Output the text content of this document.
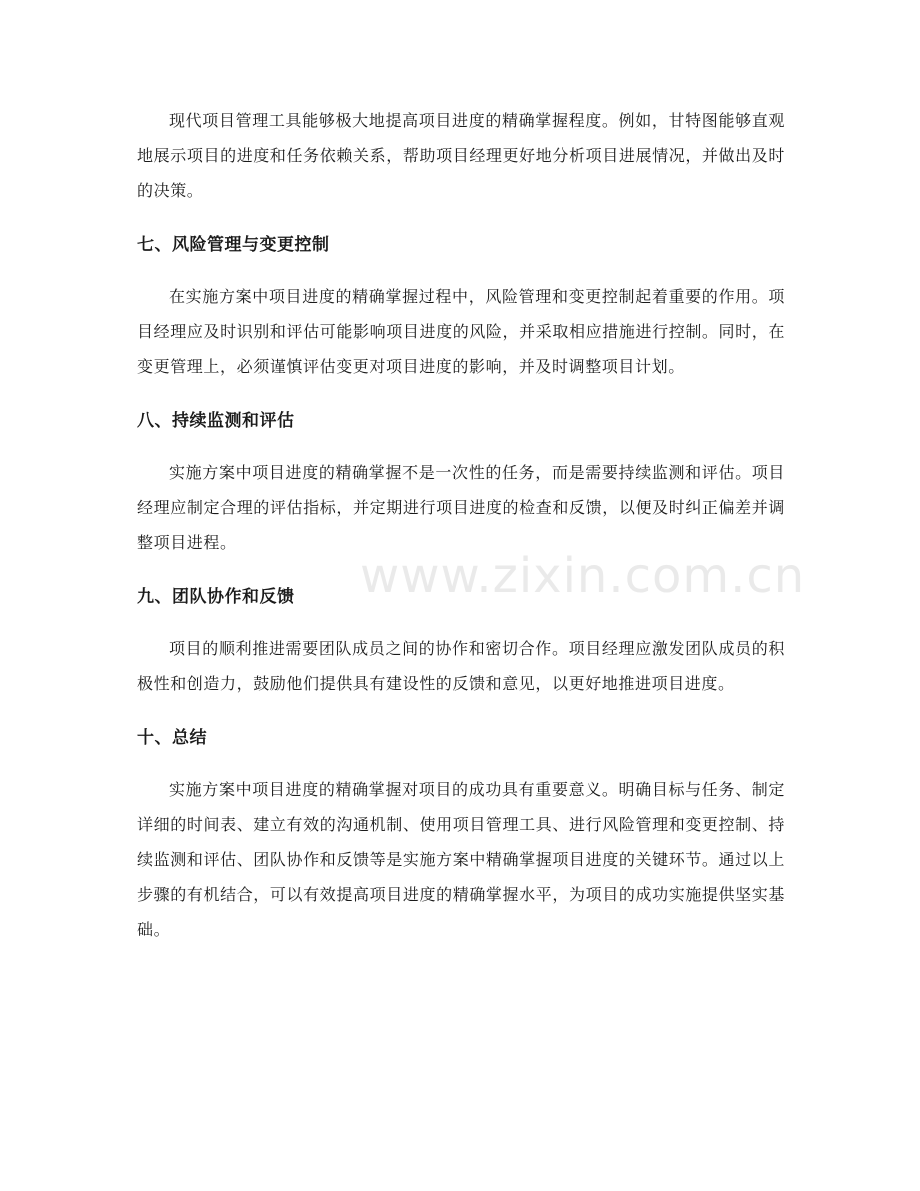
现代项目管理工具能够极大地提高项目进度的精确掌握程度。例如，甘特图能够直观地展示项目的进度和任务依赖关系，帮助项目经理更好地分析项目进展情况，并做出及时的决策。

七、风险管理与变更控制

在实施方案中项目进度的精确掌握过程中，风险管理和变更控制起着重要的作用。项目经理应及时识别和评估可能影响项目进度的风险，并采取相应措施进行控制。同时，在变更管理上，必须谨慎评估变更对项目进度的影响，并及时调整项目计划。

八、持续监测和评估

实施方案中项目进度的精确掌握不是一次性的任务，而是需要持续监测和评估。项目经理应制定合理的评估指标，并定期进行项目进度的检查和反馈，以便及时纠正偏差并调整项目进程。

九、团队协作和反馈

项目的顺利推进需要团队成员之间的协作和密切合作。项目经理应激发团队成员的积极性和创造力，鼓励他们提供具有建设性的反馈和意见，以更好地推进项目进度。

十、总结

实施方案中项目进度的精确掌握对项目的成功具有重要意义。明确目标与任务、制定详细的时间表、建立有效的沟通机制、使用项目管理工具、进行风险管理和变更控制、持续监测和评估、团队协作和反馈等是实施方案中精确掌握项目进度的关键环节。通过以上步骤的有机结合，可以有效提高项目进度的精确掌握水平，为项目的成功实施提供坚实基础。

www.zixin.com.cn
